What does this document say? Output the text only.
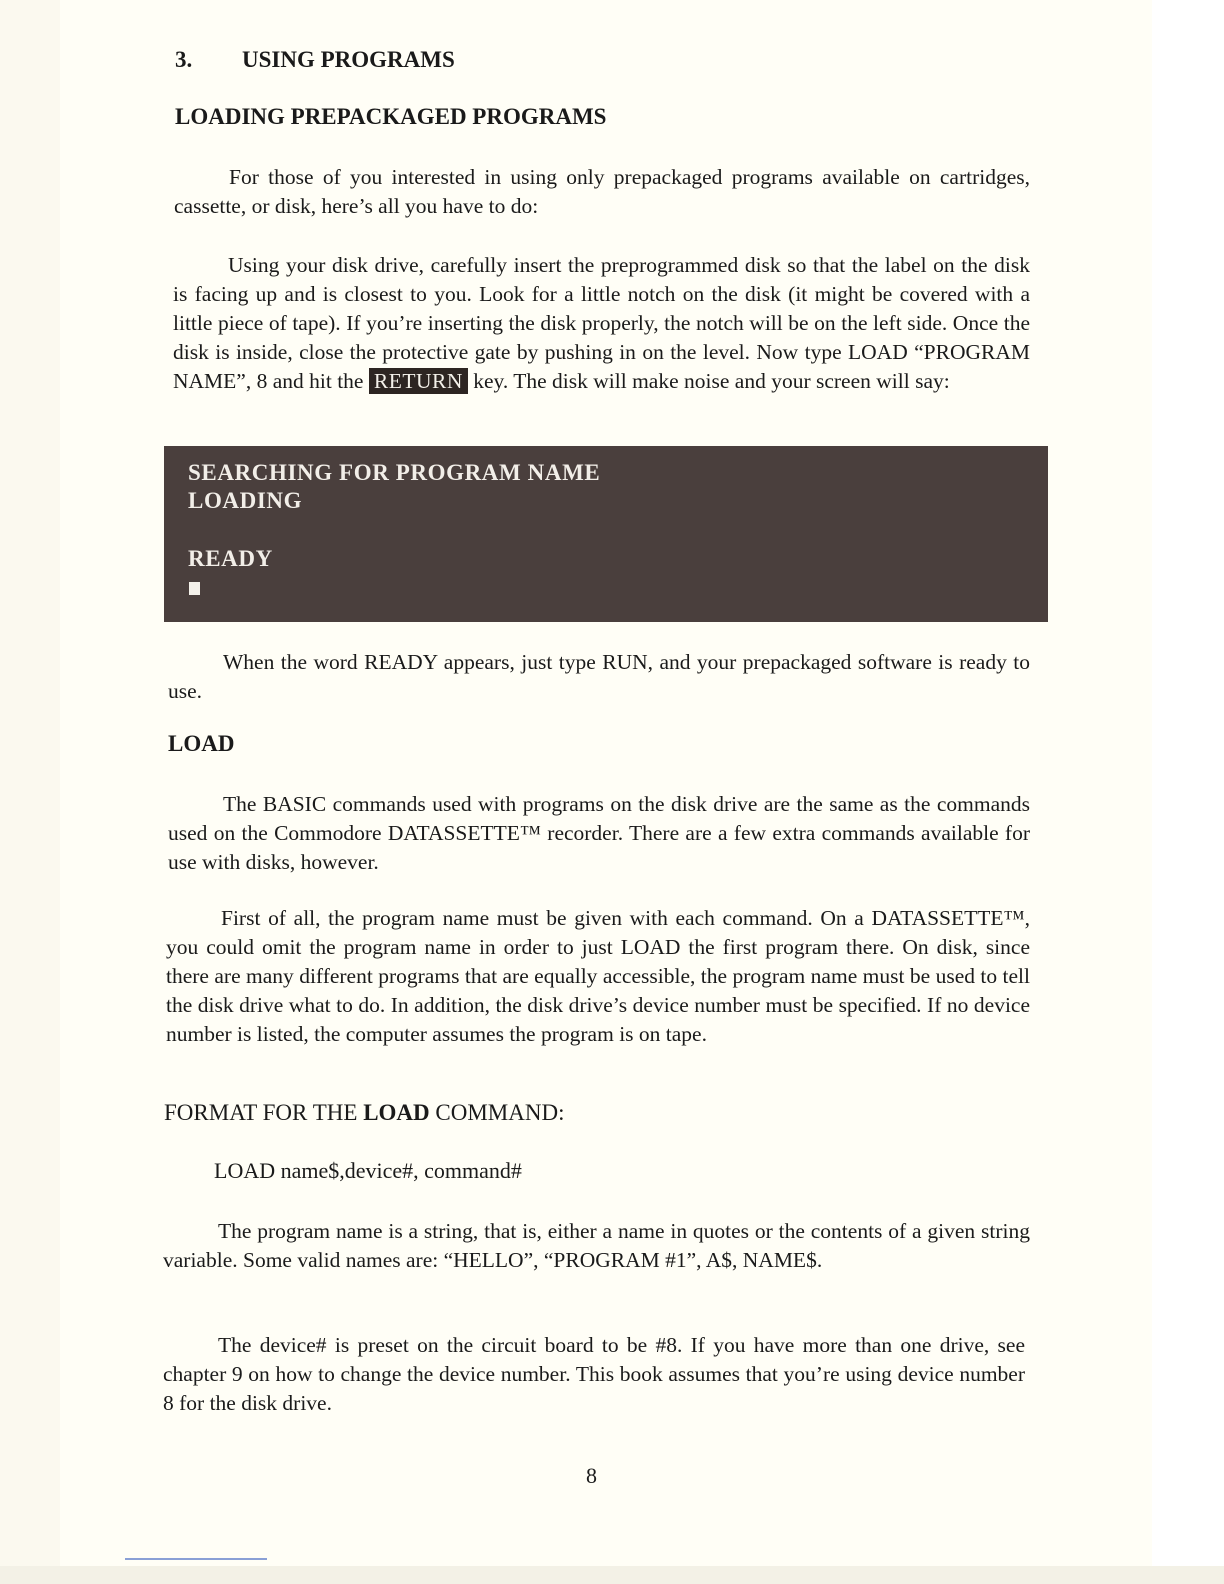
3. USING PROGRAMS
LOADING PREPACKAGED PROGRAMS

For those of you interested in using only prepackaged programs available on cartridges, cassette, or disk, here’s all you have to do:

Using your disk drive, carefully insert the preprogrammed disk so that the label on the disk is facing up and is closest to you. Look for a little notch on the disk (it might be covered with a little piece of tape). If you’re inserting the disk properly, the notch will be on the left side. Once the disk is inside, close the protective gate by pushing in on the level. Now type LOAD “PROGRAM NAME”, 8 and hit the RETURN key. The disk will make noise and your screen will say:

SEARCHING FOR PROGRAM NAME
LOADING
READY

When the word READY appears, just type RUN, and your prepackaged software is ready to use.

LOAD

The BASIC commands used with programs on the disk drive are the same as the commands used on the Commodore DATASSETTE™ recorder. There are a few extra commands available for use with disks, however.

First of all, the program name must be given with each command. On a DATASSETTE™, you could omit the program name in order to just LOAD the first program there. On disk, since there are many different programs that are equally accessible, the program name must be used to tell the disk drive what to do. In addition, the disk drive’s device number must be specified. If no device number is listed, the computer assumes the program is on tape.

FORMAT FOR THE LOAD COMMAND:
LOAD name$,device#, command#

The program name is a string, that is, either a name in quotes or the contents of a given string variable. Some valid names are: “HELLO”, “PROGRAM #1”, A$, NAME$.

The device# is preset on the circuit board to be #8. If you have more than one drive, see chapter 9 on how to change the device number. This book assumes that you’re using device number 8 for the disk drive.

8
